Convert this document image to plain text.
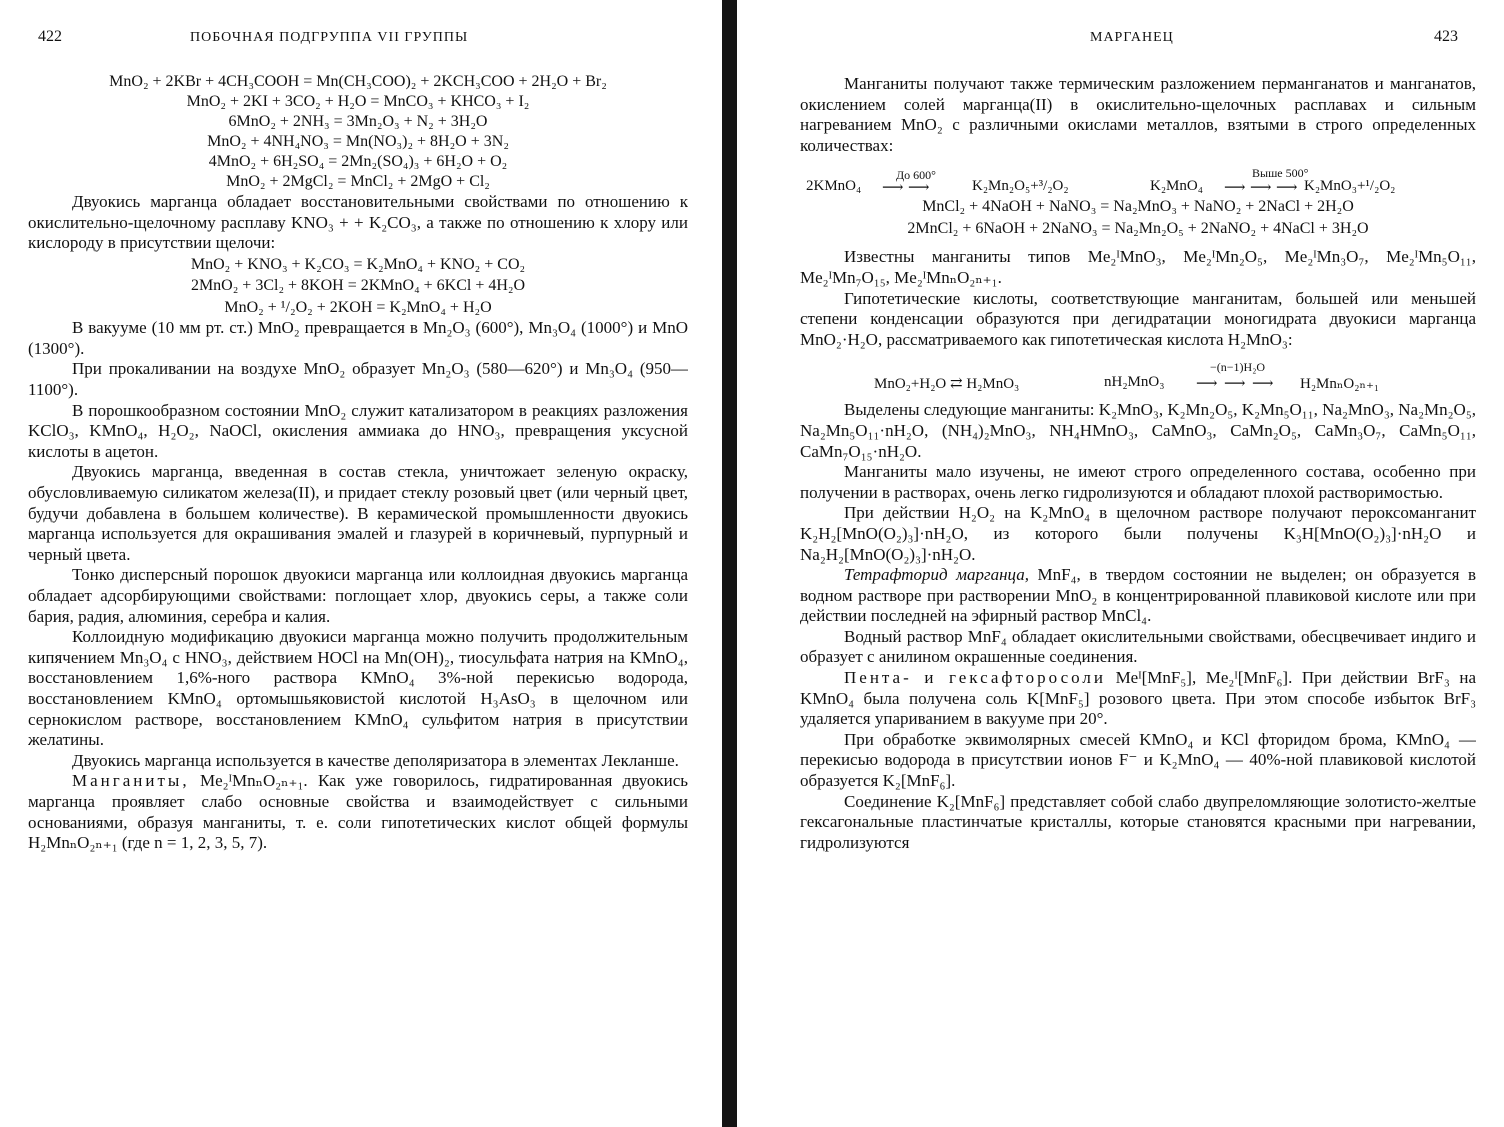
422	ПОБОЧНАЯ ПОДГРУППА VII ГРУППЫ
MnO₂ + 2KBr + 4CH₃COOH = Mn(CH₃COO)₂ + 2KCH₃COO + 2H₂O + Br₂
MnO₂ + 2KI + 3CO₂ + H₂O = MnCO₃ + KHCO₃ + I₂
6MnO₂ + 2NH₃ = 3Mn₂O₃ + N₂ + 3H₂O
MnO₂ + 4NH₄NO₃ = Mn(NO₃)₂ + 8H₂O + 3N₂
4MnO₂ + 6H₂SO₄ = 2Mn₂(SO₄)₃ + 6H₂O + O₂
MnO₂ + 2MgCl₂ = MnCl₂ + 2MgO + Cl₂

Двуокись марганца обладает восстановительными свойствами по отношению к окислительно-щелочному расплаву KNO₃ + + K₂CO₃, а также по отношению к хлору или кислороду в присутствии щелочи:

MnO₂ + KNO₃ + K₂CO₃ = K₂MnO₄ + KNO₂ + CO₂
2MnO₂ + 3Cl₂ + 8KOH = 2KMnO₄ + 6KCl + 4H₂O
MnO₂ + ¹/₂O₂ + 2KOH = K₂MnO₄ + H₂O

В вакууме (10 мм рт. ст.) MnO₂ превращается в Mn₂O₃ (600°), Mn₃O₄ (1000°) и MnO (1300°).

При прокаливании на воздухе MnO₂ образует Mn₂O₃ (580—620°) и Mn₃O₄ (950—1100°).

В порошкообразном состоянии MnO₂ служит катализатором в реакциях разложения KClO₃, KMnO₄, H₂O₂, NaOCl, окисления аммиака до HNO₃, превращения уксусной кислоты в ацетон.

Двуокись марганца, введенная в состав стекла, уничтожает зеленую окраску, обусловливаемую силикатом железа(II), и придает стеклу розовый цвет (или черный цвет, будучи добавлена в большем количестве). В керамической промышленности двуокись марганца используется для окрашивания эмалей и глазурей в коричневый, пурпурный и черный цвета.

Тонко дисперсный порошок двуокиси марганца или коллоидная двуокись марганца обладает адсорбирующими свойствами: поглощает хлор, двуокись серы, а также соли бария, радия, алюминия, серебра и калия.

Коллоидную модификацию двуокиси марганца можно получить продолжительным кипячением Mn₃O₄ с HNO₃, действием HOCl на Mn(OH)₂, тиосульфата натрия на KMnO₄, восстановлением 1,6%-ного раствора KMnO₄ 3%-ной перекисью водорода, восстановлением KMnO₄ ортомышьяковистой кислотой H₃AsO₃ в щелочном или сернокислом растворе, восстановлением KMnO₄ сульфитом натрия в присутствии желатины.

Двуокись марганца используется в качестве деполяризатора в элементах Лекланше.

Манганиты, Me₂ᴵMnₙO₂ₙ₊₁. Как уже говорилось, гидратированная двуокись марганца проявляет слабо основные свойства и взаимодействует с сильными основаниями, образуя манганиты, т. е. соли гипотетических кислот общей формулы H₂MnₙO₂ₙ₊₁ (где n = 1, 2, 3, 5, 7).

МАРГАНЕЦ	423

Манганиты получают также термическим разложением перманганатов и манганатов, окислением солей марганца(II) в окислительно-щелочных расплавах и сильным нагреванием MnO₂ с различными окислами металлов, взятыми в строго определенных количествах:

2KMnO₄
До 600°
⟶ ⟶	K₂Mn₂O₅+³/₂O₂	K₂MnO₄
Выше 500°
⟶ ⟶ ⟶ K₂MnO₃+¹/₂O₂
MnCl₂ + 4NaOH + NaNO₃ = Na₂MnO₃ + NaNO₂ + 2NaCl + 2H₂O
2MnCl₂ + 6NaOH + 2NaNO₃ = Na₂Mn₂O₅ + 2NaNO₂ + 4NaCl + 3H₂O

Известны манганиты типов Me₂ᴵMnO₃, Me₂ᴵMn₂O₅, Me₂ᴵMn₃O₇, Me₂ᴵMn₅O₁₁, Me₂ᴵMn₇O₁₅, Me₂ᴵMnₙO₂ₙ₊₁.

Гипотетические кислоты, соответствующие манганитам, большей или меньшей степени конденсации образуются при дегидратации моногидрата двуокиси марганца MnO₂·H₂O, рассматриваемого как гипотетическая кислота H₂MnO₃:

MnO₂+H₂O ⇄ H₂MnO₃	nH₂MnO₃
−(n−1)H₂O
⟶ ⟶ ⟶ H₂MnₙO₂ₙ₊₁

Выделены следующие манганиты: K₂MnO₃, K₂Mn₂O₅, K₂Mn₅O₁₁, Na₂MnO₃, Na₂Mn₂O₅, Na₂Mn₅O₁₁·nH₂O, (NH₄)₂MnO₃, NH₄HMnO₃, CaMnO₃, CaMn₂O₅, CaMn₃O₇, CaMn₅O₁₁, CaMn₇O₁₅·nH₂O.

Манганиты мало изучены, не имеют строго определенного состава, особенно при получении в растворах, очень легко гидролизуются и обладают плохой растворимостью.

При действии H₂O₂ на K₂MnO₄ в щелочном растворе получают пероксоманганит K₂H₂[MnO(O₂)₃]·nH₂O, из которого были получены K₃H[MnO(O₂)₃]·nH₂O и Na₂H₂[MnO(O₂)₃]·nH₂O.

Тетрафторид марганца, MnF₄, в твердом состоянии не выделен; он образуется в водном растворе при растворении MnO₂ в концентрированной плавиковой кислоте или при действии последней на эфирный раствор MnCl₄.

Водный раствор MnF₄ обладает окислительными свойствами, обесцвечивает индиго и образует с анилином окрашенные соединения.

Пента- и гексафторосоли Meᴵ[MnF₅], Me₂ᴵ[MnF₆]. При действии BrF₃ на KMnO₄ была получена соль K[MnF₅] розового цвета. При этом способе избыток BrF₃ удаляется упариванием в вакууме при 20°.

При обработке эквимолярных смесей KMnO₄ и KCl фторидом брома, KMnO₄ — перекисью водорода в присутствии ионов F⁻ и K₂MnO₄ — 40%-ной плавиковой кислотой образуется K₂[MnF₆].

Соединение K₂[MnF₆] представляет собой слабо двупреломляющие золотисто-желтые гексагональные пластинчатые кристаллы, которые становятся красными при нагревании, гидролизуются
